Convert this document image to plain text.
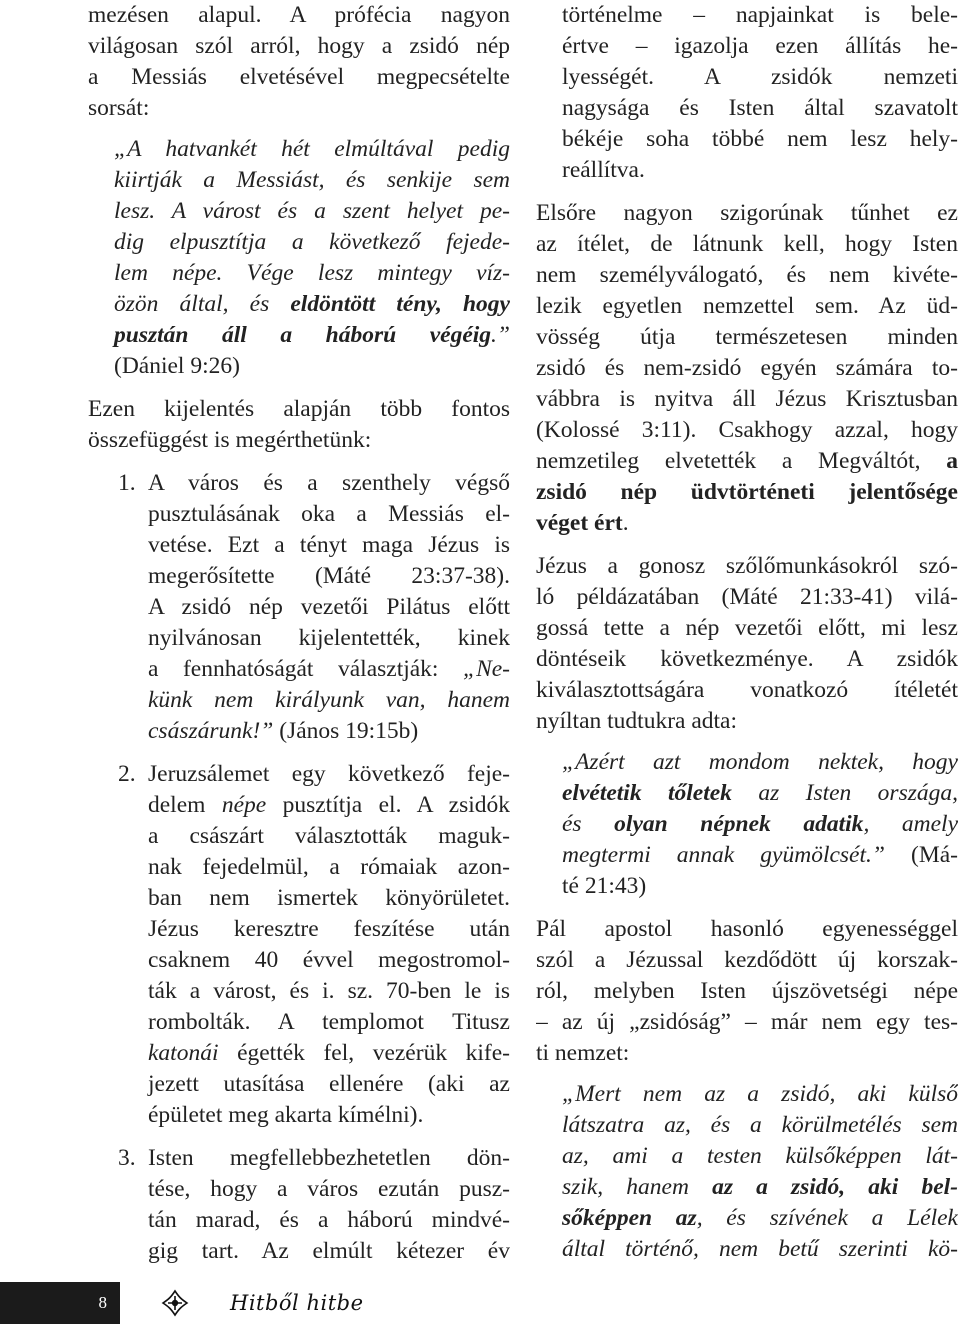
mezésen alapul. A prófécia nagyon
világosan szól arról, hogy a zsidó nép
a Messiás elvetésével megpecsételte
sorsát:
„A hatvankét hét elmúltával pedig
kiirtják a Messiást, és senkije sem
lesz. A várost és a szent helyet pe-
dig elpusztítja a következő fejede-
lem népe. Vége lesz mintegy víz-
özön által, és eldöntött tény, hogy
pusztán áll a háború végéig.”
(Dániel 9:26)
Ezen kijelentés alapján több fontos
összefüggést is megérthetünk:
1. A város és a szenthely végső
pusztulásának oka a Messiás el-
vetése. Ezt a tényt maga Jézus is
megerősítette (Máté 23:37-38).
A zsidó nép vezetői Pilátus előtt
nyilvánosan kijelentették, kinek
a fennhatóságát választják: „Ne-
künk nem királyunk van, hanem
császárunk!” (János 19:15b)
2. Jeruzsálemet egy következő feje-
delem népe pusztítja el. A zsidók
a császárt választották maguk-
nak fejedelmül, a rómaiak azon-
ban nem ismertek könyörületet.
Jézus keresztre feszítése után
csaknem 40 évvel megostromol-
ták a várost, és i. sz. 70-ben le is
rombolták. A templomot Titusz
katonái égették fel, vezérük kife-
jezett utasítása ellenére (aki az
épületet meg akarta kímélni).
3. Isten megfellebbezhetetlen dön-
tése, hogy a város ezután pusz-
tán marad, és a háború mindvé-
gig tart. Az elmúlt kétezer év
történelme – napjainkat is bele-
értve – igazolja ezen állítás he-
lyességét. A zsidók nemzeti
nagysága és Isten által szavatolt
békéje soha többé nem lesz hely-
reállítva.
Elsőre nagyon szigorúnak tűnhet ez
az ítélet, de látnunk kell, hogy Isten
nem személyválogató, és nem kivéte-
lezik egyetlen nemzettel sem. Az üd-
vösség útja természetesen minden
zsidó és nem-zsidó egyén számára to-
vábbra is nyitva áll Jézus Krisztusban
(Kolossé 3:11). Csakhogy azzal, hogy
nemzetileg elvetették a Megváltót, a
zsidó nép üdvtörténeti jelentősége
véget ért.
Jézus a gonosz szőlőmunkásokról szó-
ló példázatában (Máté 21:33-41) vilá-
gossá tette a nép vezetői előtt, mi lesz
döntéseik következménye. A zsidók
kiválasztottságára vonatkozó ítéletét
nyíltan tudtukra adta:
„Azért azt mondom nektek, hogy
elvétetik tőletek az Isten országa,
és olyan népnek adatik, amely
megtermi annak gyümölcsét.” (Má-
té 21:43)
Pál apostol hasonló egyenességgel
szól a Jézussal kezdődött új korszak-
ról, melyben Isten újszövetségi népe
– az új „zsidóság” – már nem egy tes-
ti nemzet:
„Mert nem az a zsidó, aki külső
látszatra az, és a körülmetélés sem
az, ami a testen külsőképpen lát-
szik, hanem az a zsidó, aki bel-
sőképpen az, és szívének a Lélek
által történő, nem betű szerinti kö-
8	Hitből hitbe
